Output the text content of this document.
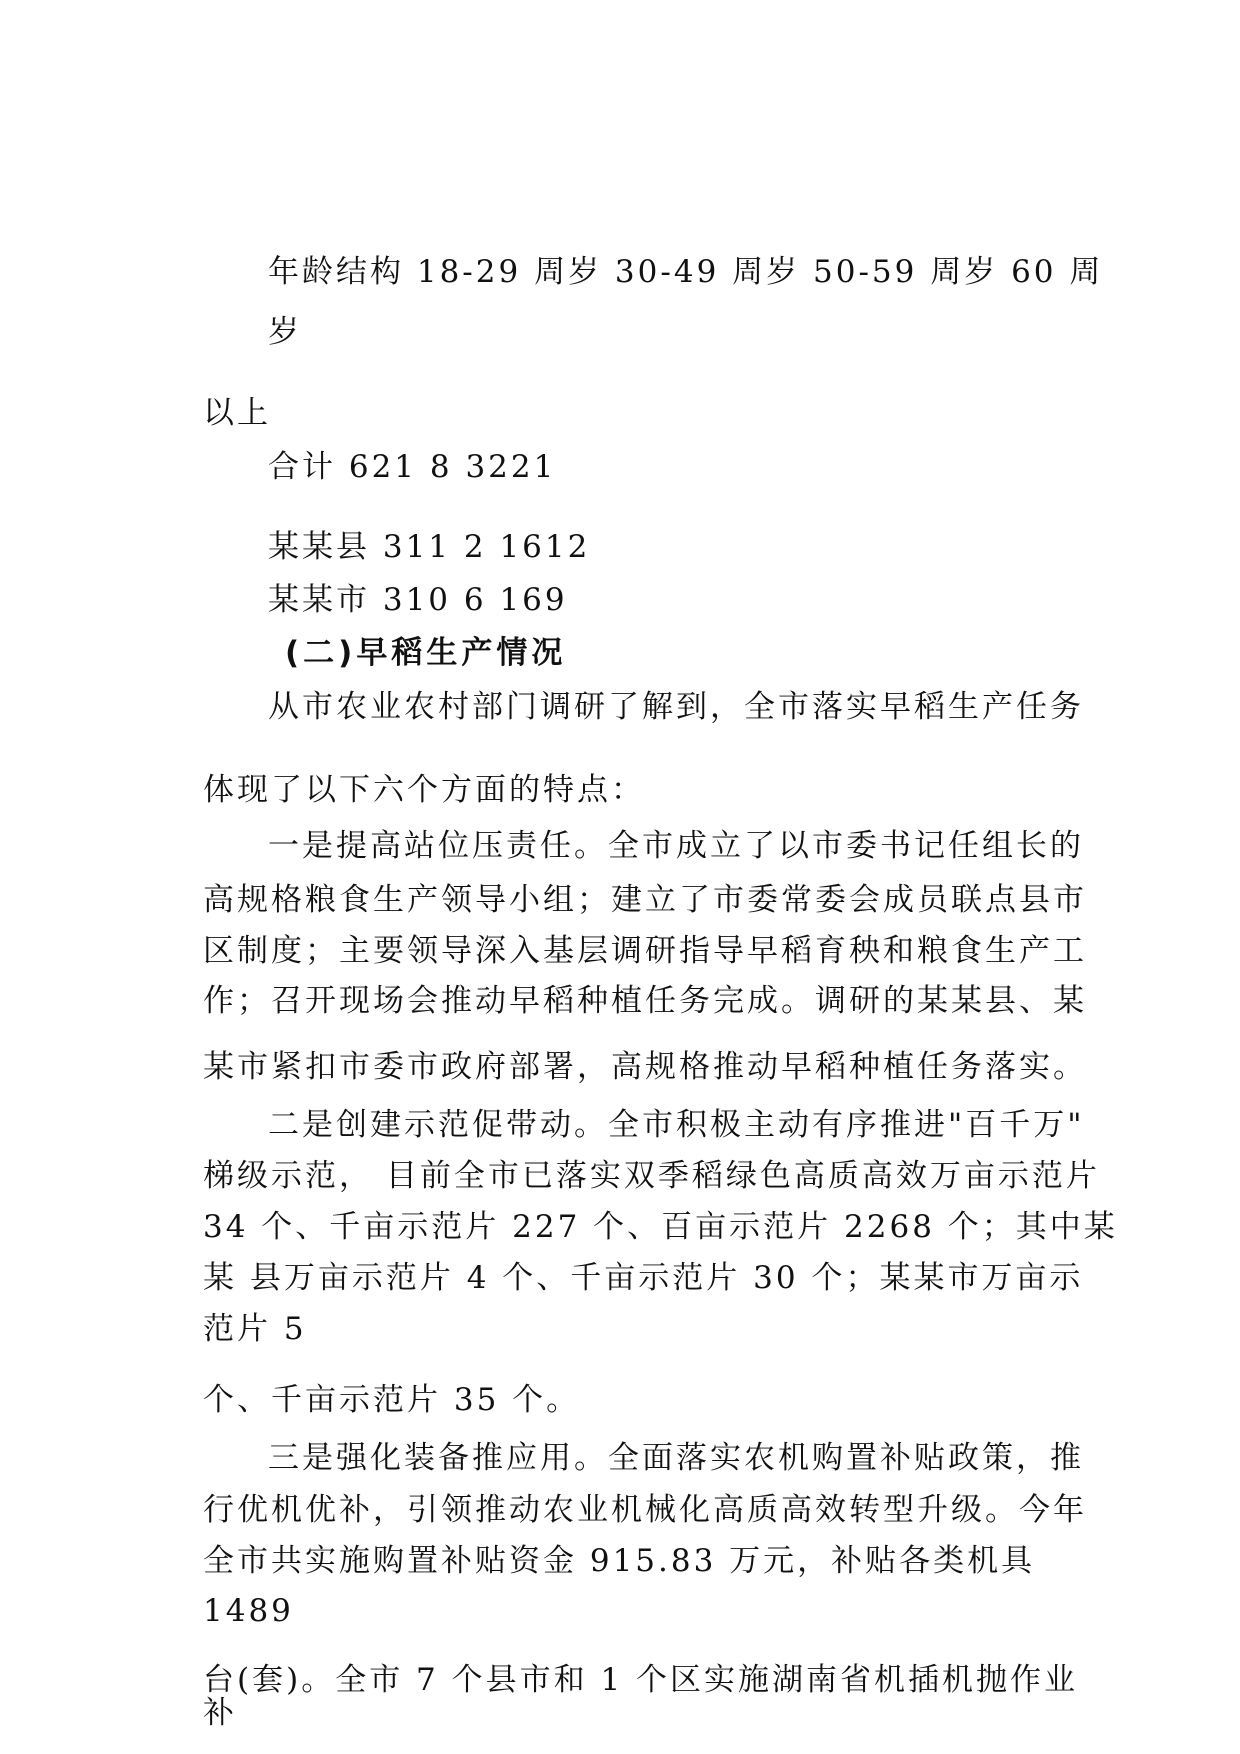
年龄结构 18-29 周岁 30-49 周岁 50-59 周岁 60 周
岁
以上
合计 621 8 3221
某某县 311 2 1612
某某市 310 6 169
(二)早稻生产情况
从市农业农村部门调研了解到，全市落实早稻生产任务
体现了以下六个方面的特点：
一是提高站位压责任。全市成立了以市委书记任组长的
高规格粮食生产领导小组；建立了市委常委会成员联点县市
区制度；主要领导深入基层调研指导早稻育秧和粮食生产工
作；召开现场会推动早稻种植任务完成。调研的某某县、某
某市紧扣市委市政府部署，高规格推动早稻种植任务落实。
二是创建示范促带动。全市积极主动有序推进"百千万"
梯级示范， 目前全市已落实双季稻绿色高质高效万亩示范片
34 个、千亩示范片 227 个、百亩示范片 2268 个；其中某
某 县万亩示范片 4 个、千亩示范片 30 个；某某市万亩示
范片 5
个、千亩示范片 35 个。
三是强化装备推应用。全面落实农机购置补贴政策，推
行优机优补，引领推动农业机械化高质高效转型升级。今年
全市共实施购置补贴资金 915.83 万元，补贴各类机具
1489
台(套)。全市 7 个县市和 1 个区实施湖南省机插机抛作业
补
